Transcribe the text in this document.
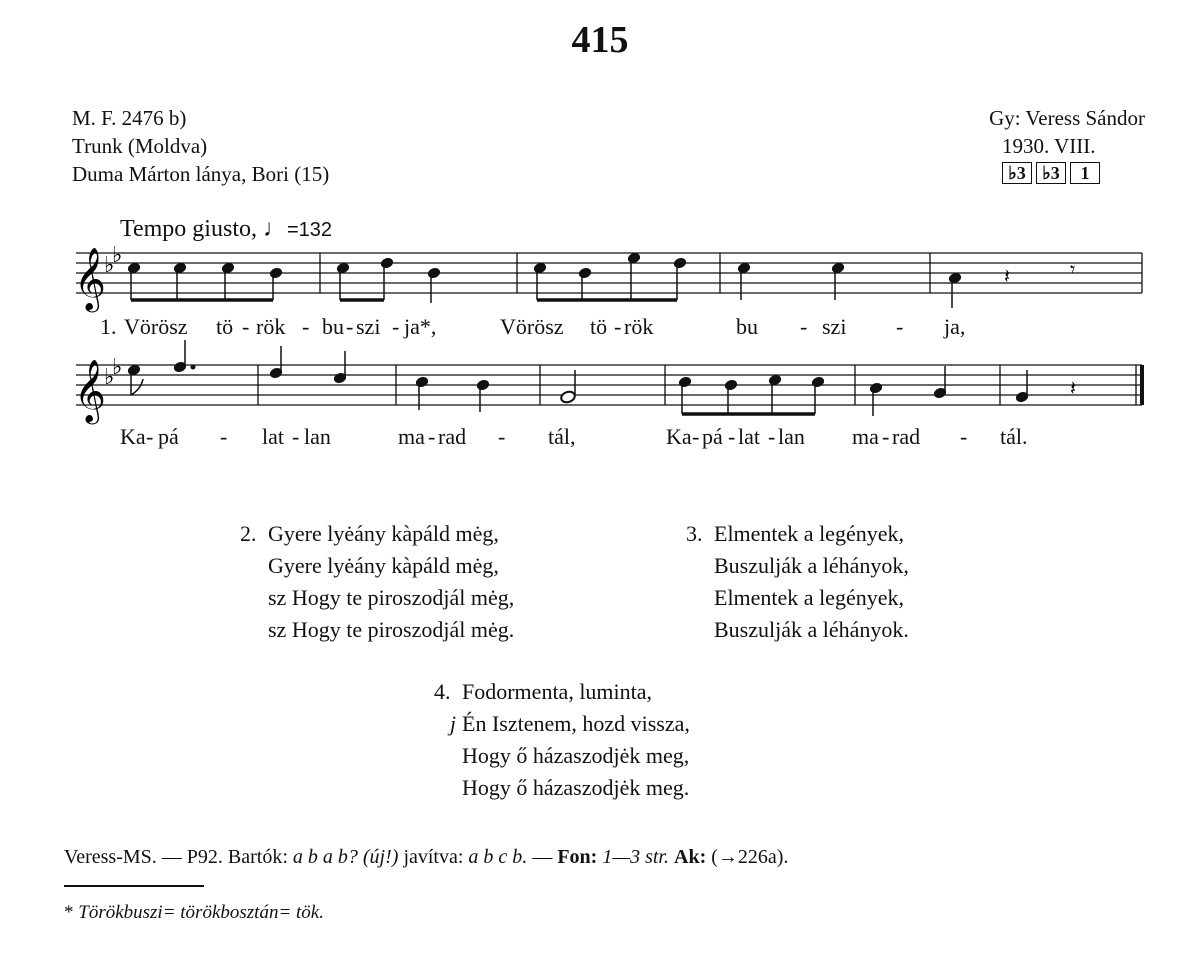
415
M. F. 2476 b)
Trunk (Moldva)
Duma Márton lánya, Bori (15)
Gy: Veress Sándor
1930. VIII.
♭3 ♭3	1
Tempo giusto, ♩=132
𝄞
♭
♭
𝄽	𝄾
𝄞
♭
♭
𝄽
1. Vörösz tö - rök - bu - szi - ja*,	Vörösz tö - rök	bu - szi - ja,
Ka - pá - lat - lan	ma - rad - tál,	Ka - pá - lat - lan ma - rad - tál.
2. Gyere lyėány kàpáld mėg,
Gyere lyėány kàpáld mėg,
sz Hogy te piroszodjál mėg,
sz Hogy te piroszodjál mėg.
3. Elmentek a legények,
Buszulják a léhányok,
Elmentek a legények,
Buszulják a léhányok.
4. Fodormenta, luminta,
j Én Isztenem, hozd vissza,
Hogy ő házaszodjėk meg,
Hogy ő házaszodjėk meg.
Veress-MS. — P92. Bartók: a b a b? (új!) javítva: a b c b. — Fon: 1—3 str. Ak: (→226a).
* Törökbuszi= törökbosztán= tök.
